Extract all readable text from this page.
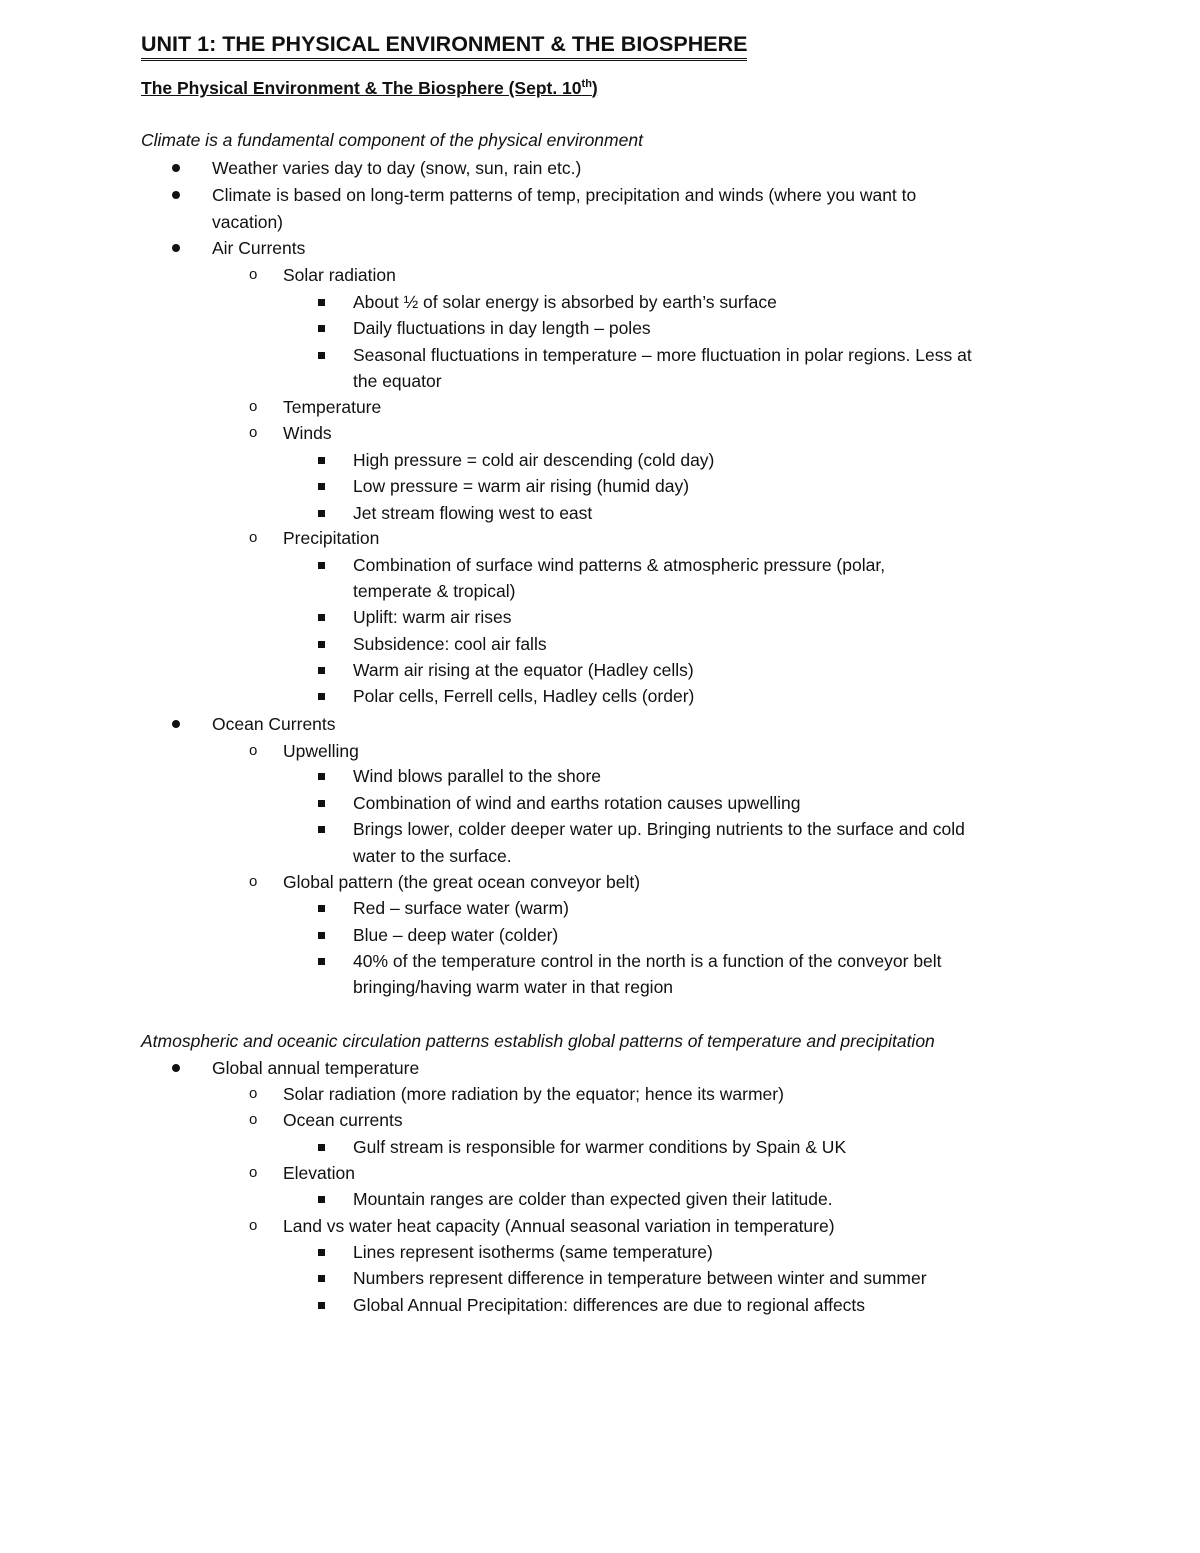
UNIT 1: THE PHYSICAL ENVIRONMENT & THE BIOSPHERE
The Physical Environment & The Biosphere (Sept. 10th)
Climate is a fundamental component of the physical environment
Weather varies day to day (snow, sun, rain etc.)
Climate is based on long-term patterns of temp, precipitation and winds (where you want to
vacation)
Air Currents
o Solar radiation
About ½ of solar energy is absorbed by earth’s surface
Daily fluctuations in day length – poles
Seasonal fluctuations in temperature – more fluctuation in polar regions. Less at
the equator
o Temperature
o Winds
High pressure = cold air descending (cold day)
Low pressure = warm air rising (humid day)
Jet stream flowing west to east
o Precipitation
Combination of surface wind patterns & atmospheric pressure (polar,
temperate & tropical)
Uplift: warm air rises
Subsidence: cool air falls
Warm air rising at the equator (Hadley cells)
Polar cells, Ferrell cells, Hadley cells (order)
Ocean Currents
o Upwelling
Wind blows parallel to the shore
Combination of wind and earths rotation causes upwelling
Brings lower, colder deeper water up. Bringing nutrients to the surface and cold
water to the surface.
o Global pattern (the great ocean conveyor belt)
Red – surface water (warm)
Blue – deep water (colder)
40% of the temperature control in the north is a function of the conveyor belt
bringing/having warm water in that region
Atmospheric and oceanic circulation patterns establish global patterns of temperature and precipitation
Global annual temperature
o Solar radiation (more radiation by the equator; hence its warmer)
o Ocean currents
Gulf stream is responsible for warmer conditions by Spain & UK
o Elevation
Mountain ranges are colder than expected given their latitude.
o Land vs water heat capacity (Annual seasonal variation in temperature)
Lines represent isotherms (same temperature)
Numbers represent difference in temperature between winter and summer
Global Annual Precipitation: differences are due to regional affects
